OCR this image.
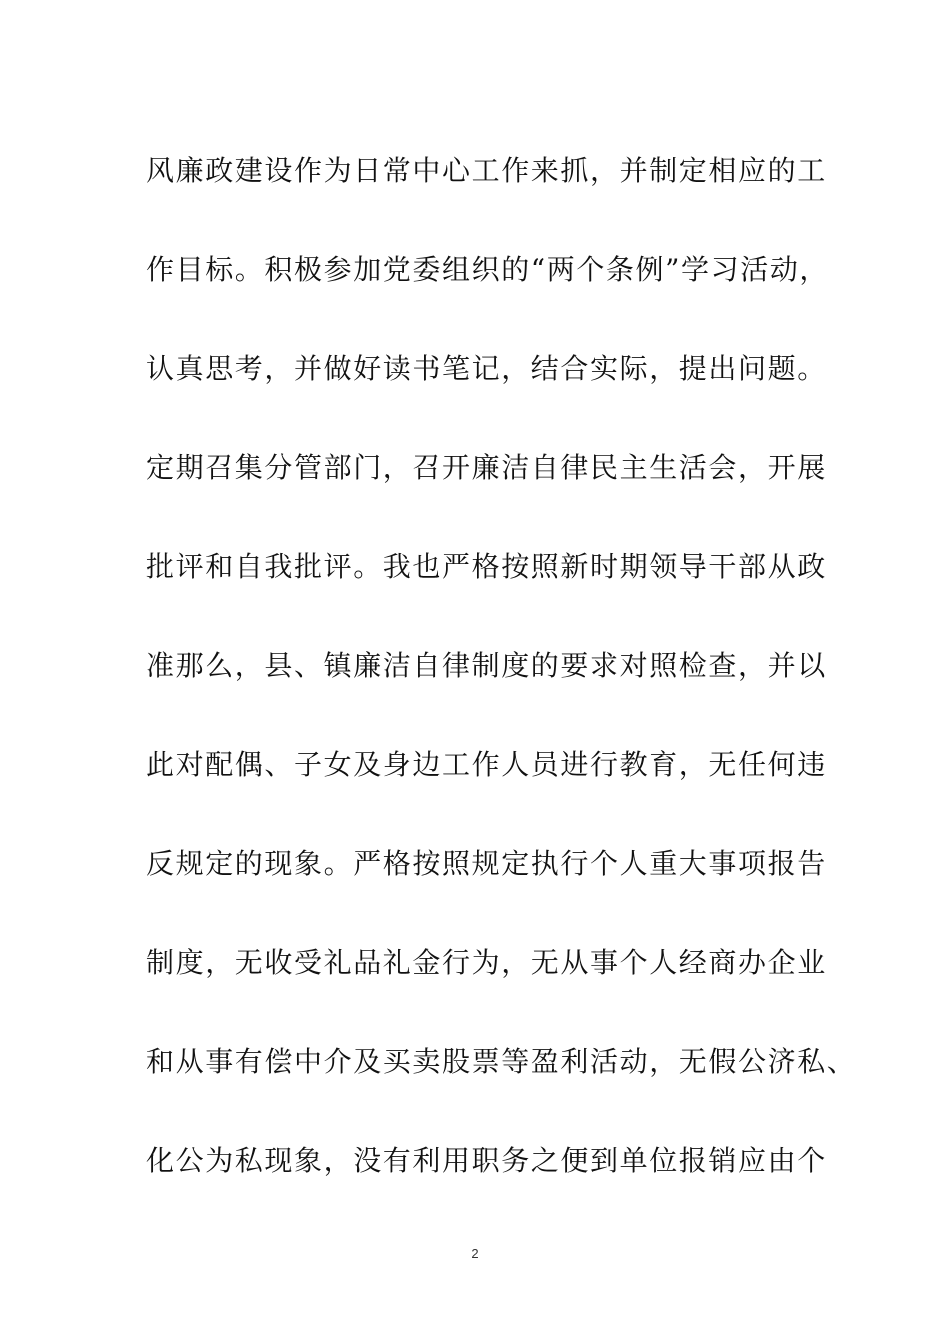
风廉政建设作为日常中心工作来抓，并制定相应的工
作目标。积极参加党委组织的“两个条例”学习活动，
认真思考，并做好读书笔记，结合实际，提出问题。
定期召集分管部门，召开廉洁自律民主生活会，开展
批评和自我批评。我也严格按照新时期领导干部从政
准那么，县、镇廉洁自律制度的要求对照检查，并以
此对配偶、子女及身边工作人员进行教育，无任何违
反规定的现象。严格按照规定执行个人重大事项报告
制度，无收受礼品礼金行为，无从事个人经商办企业
和从事有偿中介及买卖股票等盈利活动，无假公济私、
化公为私现象，没有利用职务之便到单位报销应由个
2
